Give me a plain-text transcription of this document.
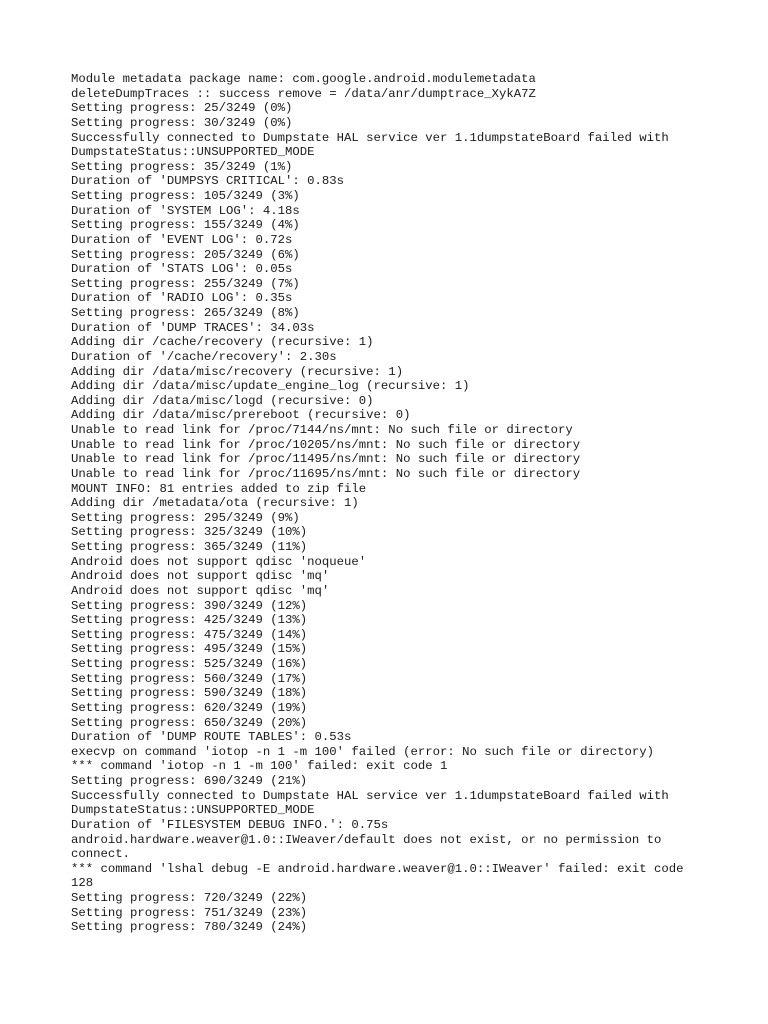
Module metadata package name: com.google.android.modulemetadata
deleteDumpTraces :: success remove = /data/anr/dumptrace_XykA7Z
Setting progress: 25/3249 (0%)
Setting progress: 30/3249 (0%)
Successfully connected to Dumpstate HAL service ver 1.1dumpstateBoard failed with
DumpstateStatus::UNSUPPORTED_MODE
Setting progress: 35/3249 (1%)
Duration of 'DUMPSYS CRITICAL': 0.83s
Setting progress: 105/3249 (3%)
Duration of 'SYSTEM LOG': 4.18s
Setting progress: 155/3249 (4%)
Duration of 'EVENT LOG': 0.72s
Setting progress: 205/3249 (6%)
Duration of 'STATS LOG': 0.05s
Setting progress: 255/3249 (7%)
Duration of 'RADIO LOG': 0.35s
Setting progress: 265/3249 (8%)
Duration of 'DUMP TRACES': 34.03s
Adding dir /cache/recovery (recursive: 1)
Duration of '/cache/recovery': 2.30s
Adding dir /data/misc/recovery (recursive: 1)
Adding dir /data/misc/update_engine_log (recursive: 1)
Adding dir /data/misc/logd (recursive: 0)
Adding dir /data/misc/prereboot (recursive: 0)
Unable to read link for /proc/7144/ns/mnt: No such file or directory
Unable to read link for /proc/10205/ns/mnt: No such file or directory
Unable to read link for /proc/11495/ns/mnt: No such file or directory
Unable to read link for /proc/11695/ns/mnt: No such file or directory
MOUNT INFO: 81 entries added to zip file
Adding dir /metadata/ota (recursive: 1)
Setting progress: 295/3249 (9%)
Setting progress: 325/3249 (10%)
Setting progress: 365/3249 (11%)
Android does not support qdisc 'noqueue'
Android does not support qdisc 'mq'
Android does not support qdisc 'mq'
Setting progress: 390/3249 (12%)
Setting progress: 425/3249 (13%)
Setting progress: 475/3249 (14%)
Setting progress: 495/3249 (15%)
Setting progress: 525/3249 (16%)
Setting progress: 560/3249 (17%)
Setting progress: 590/3249 (18%)
Setting progress: 620/3249 (19%)
Setting progress: 650/3249 (20%)
Duration of 'DUMP ROUTE TABLES': 0.53s
execvp on command 'iotop -n 1 -m 100' failed (error: No such file or directory)
*** command 'iotop -n 1 -m 100' failed: exit code 1
Setting progress: 690/3249 (21%)
Successfully connected to Dumpstate HAL service ver 1.1dumpstateBoard failed with
DumpstateStatus::UNSUPPORTED_MODE
Duration of 'FILESYSTEM DEBUG INFO.': 0.75s
android.hardware.weaver@1.0::IWeaver/default does not exist, or no permission to
connect.
*** command 'lshal debug -E android.hardware.weaver@1.0::IWeaver' failed: exit code
128
Setting progress: 720/3249 (22%)
Setting progress: 751/3249 (23%)
Setting progress: 780/3249 (24%)
